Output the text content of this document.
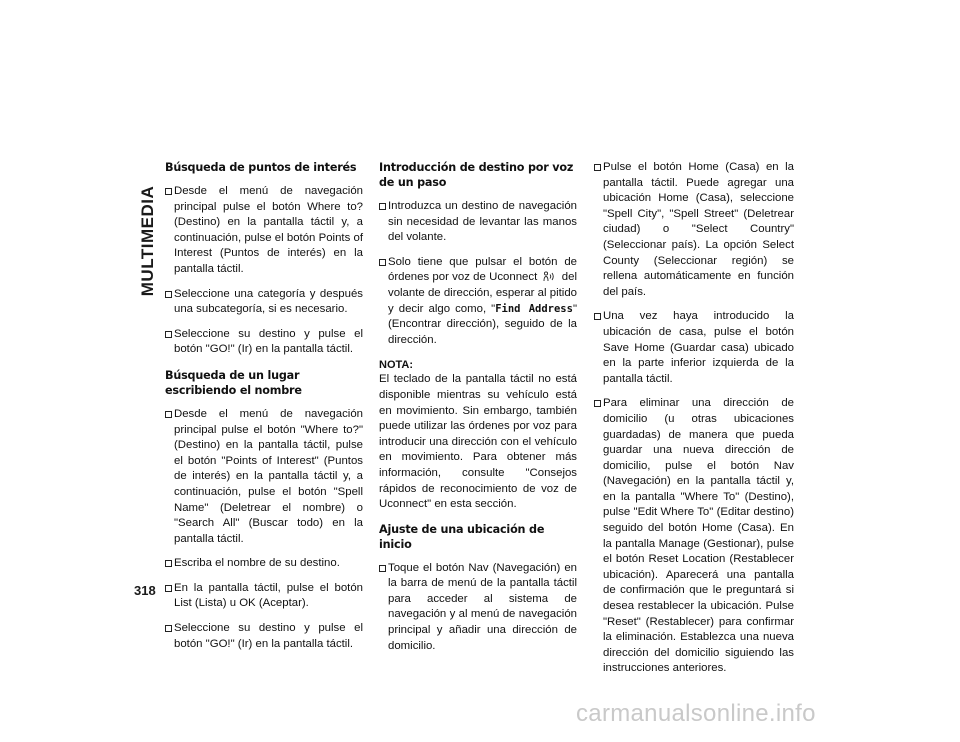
MULTIMEDIA
318
Búsqueda de puntos de interés
Desde el menú de navegación principal pulse el botón Where to? (Destino) en la pantalla táctil y, a continuación, pulse el botón Points of Interest (Puntos de interés) en la pantalla táctil.
Seleccione una categoría y después una subcategoría, si es necesario.
Seleccione su destino y pulse el botón "GO!" (Ir) en la pantalla táctil.
Búsqueda de un lugar escribiendo el nombre
Desde el menú de navegación principal pulse el botón "Where to?" (Destino) en la pantalla táctil, pulse el botón "Points of Interest" (Puntos de interés) en la pantalla táctil y, a continuación, pulse el botón "Spell Name" (Deletrear el nombre) o "Search All" (Buscar todo) en la pantalla táctil.
Escriba el nombre de su destino.
En la pantalla táctil, pulse el botón List (Lista) u OK (Aceptar).
Seleccione su destino y pulse el botón "GO!" (Ir) en la pantalla táctil.
Introducción de destino por voz de un paso
Introduzca un destino de navegación sin necesidad de levantar las manos del volante.
Solo tiene que pulsar el botón de órdenes por voz de Uconnect del volante de dirección, esperar al pitido y decir algo como, "Find Address" (Encontrar dirección), seguido de la dirección.
NOTA:
El teclado de la pantalla táctil no está disponible mientras su vehículo está en movimiento. Sin embargo, también puede utilizar las órdenes por voz para introducir una dirección con el vehículo en movimiento. Para obtener más información, consulte "Consejos rápidos de reconocimiento de voz de Uconnect" en esta sección.
Ajuste de una ubicación de inicio
Toque el botón Nav (Navegación) en la barra de menú de la pantalla táctil para acceder al sistema de navegación y al menú de navegación principal y añadir una dirección de domicilio.
Pulse el botón Home (Casa) en la pantalla táctil. Puede agregar una ubicación Home (Casa), seleccione "Spell City", "Spell Street" (Deletrear ciudad) o "Select Country" (Seleccionar país). La opción Select County (Seleccionar región) se rellena automáticamente en función del país.
Una vez haya introducido la ubicación de casa, pulse el botón Save Home (Guardar casa) ubicado en la parte inferior izquierda de la pantalla táctil.
Para eliminar una dirección de domicilio (u otras ubicaciones guardadas) de manera que pueda guardar una nueva dirección de domicilio, pulse el botón Nav (Navegación) en la pantalla táctil y, en la pantalla "Where To" (Destino), pulse "Edit Where To" (Editar destino) seguido del botón Home (Casa). En la pantalla Manage (Gestionar), pulse el botón Reset Location (Restablecer ubicación). Aparecerá una pantalla de confirmación que le preguntará si desea restablecer la ubicación. Pulse "Reset" (Restablecer) para confirmar la eliminación. Establezca una nueva dirección del domicilio siguiendo las instrucciones anteriores.
carmanualsonline.info
